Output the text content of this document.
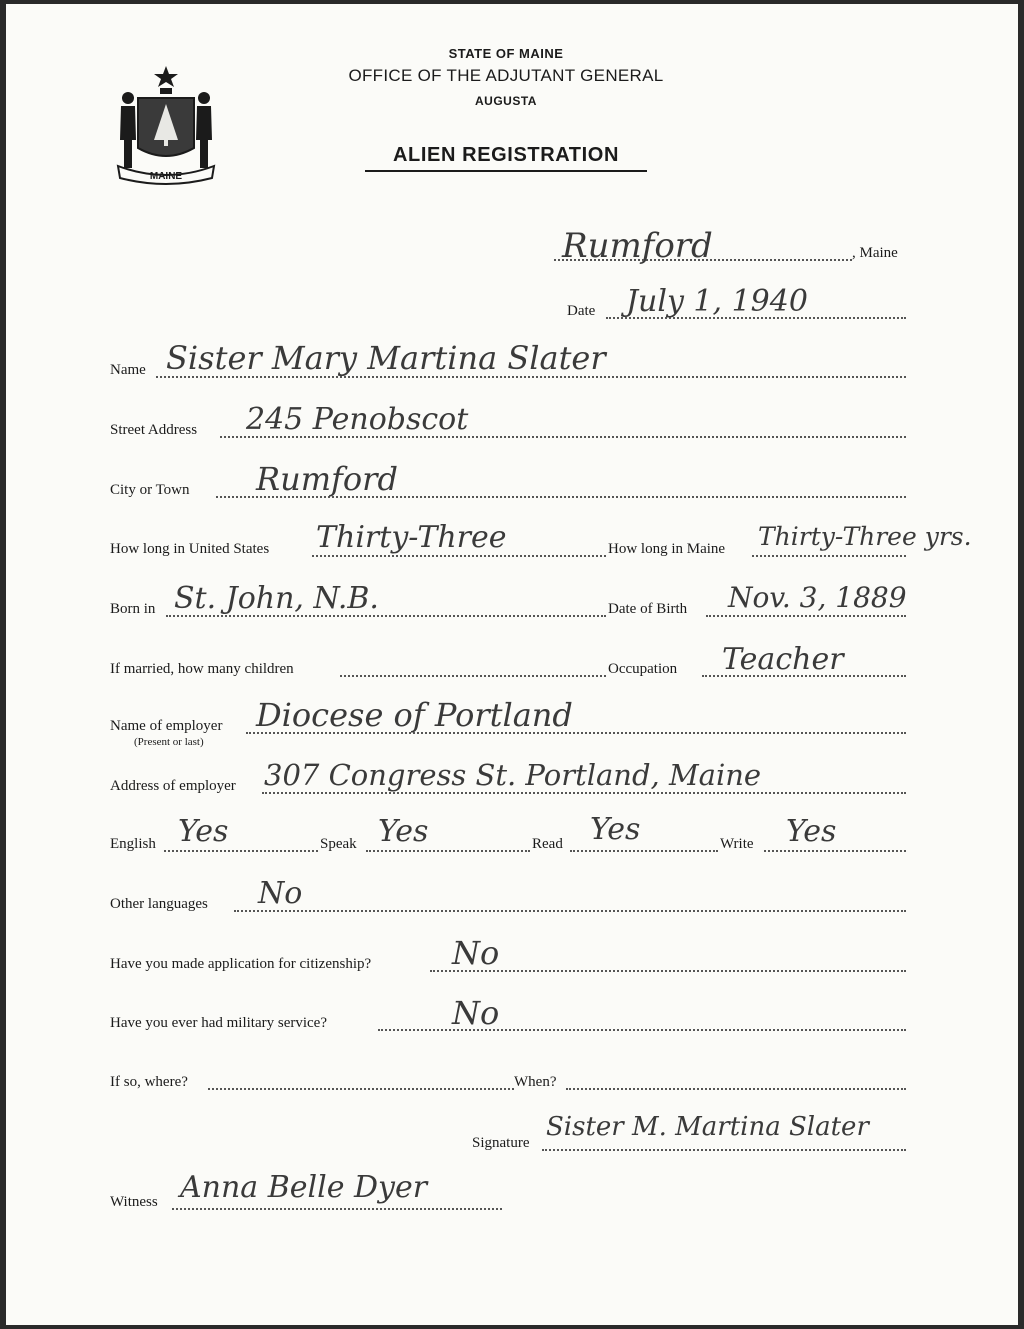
MAINE
STATE OF MAINE
OFFICE OF THE ADJUTANT GENERAL
AUGUSTA
ALIEN REGISTRATION
Rumford	, Maine
Date July 1, 1940
Name Sister Mary Martina Slater
Street Address 245 Penobscot
City or Town Rumford
How long in United States Thirty-Three	How long in Maine Thirty-Three yrs.
Born in St. John, N.B.	Date of Birth Nov. 3, 1889
If married, how many children	Occupation Teacher
Name of employer
(Present or last)
Diocese of Portland
Address of employer 307 Congress St. Portland, Maine
English Yes	Speak Yes	Read Yes	Write Yes
Other languages No
Have you made application for citizenship?	No
Have you ever had military service?	No
If so, where?	When?
Signature
Sister M. Martina Slater
Witness Anna Belle Dyer
